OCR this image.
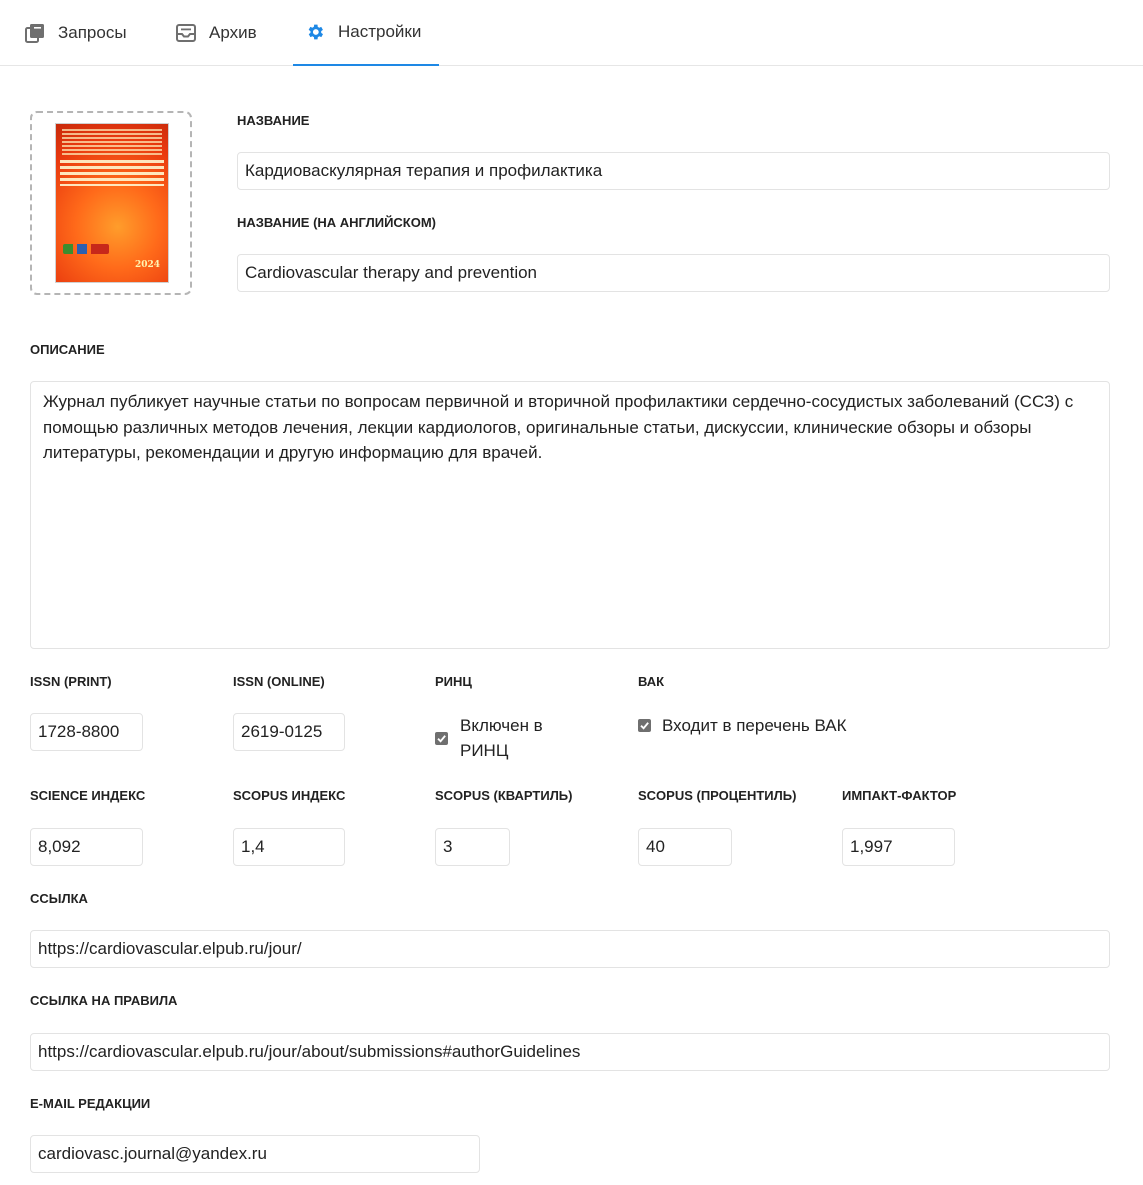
Запросы	Архив	Настройки
2024
НАЗВАНИЕ
Кардиоваскулярная терапия и профилактика
НАЗВАНИЕ (НА АНГЛИЙСКОМ)
Cardiovascular therapy and prevention
ОПИСАНИЕ
Журнал публикует научные статьи по вопросам первичной и вторичной профилактики сердечно-сосудистых заболеваний (ССЗ) с помощью различных методов лечения, лекции кардиологов, оригинальные статьи, дискуссии, клинические обзоры и обзоры литературы, рекомендации и другую информацию для врачей.
ISSN (PRINT)
1728-8800	ISSN (ONLINE)
2619-0125	РИНЦ
Включен в РИНЦ
ВАК
Входит в перечень ВАК
SCIENCE ИНДЕКС
8,092	SCOPUS ИНДЕКС
1,4	SCOPUS (КВАРТИЛЬ)
3	SCOPUS (ПРОЦЕНТИЛЬ)
40	ИМПАКТ-ФАКТОР
1,997
ССЫЛКА
https://cardiovascular.elpub.ru/jour/
ССЫЛКА НА ПРАВИЛА
https://cardiovascular.elpub.ru/jour/about/submissions#authorGuidelines
E-MAIL РЕДАКЦИИ
cardiovasc.journal@yandex.ru
